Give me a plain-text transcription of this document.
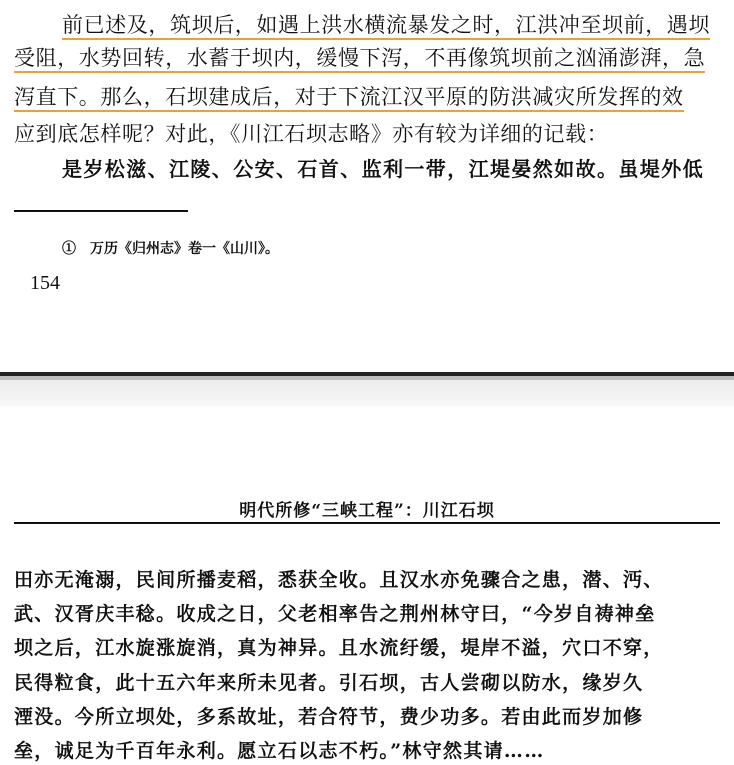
前已述及，筑坝后，如遇上洪水横流暴发之时，江洪冲至坝前，遇坝
受阻，水势回转，水蓄于坝内，缓慢下泻，不再像筑坝前之汹涌澎湃，急
泻直下。那么，石坝建成后，对于下流江汉平原的防洪减灾所发挥的效
应到底怎样呢？对此，《川江石坝志略》亦有较为详细的记载：
是岁松滋、江陵、公安、石首、监利一带，江堤晏然如故。虽堤外低
①　万历《归州志》卷一《山川》。
154
明代所修“三峡工程”：川江石坝
田亦无淹溺，民间所播麦稻，悉获全收。且汉水亦免骤合之患，潜、沔、
武、汉胥庆丰稔。收成之日，父老相率告之荆州林守曰，“今岁自祷神垒
坝之后，江水旋涨旋消，真为神异。且水流纡缓，堤岸不溢，穴口不穿，
民得粒食，此十五六年来所未见者。引石坝，古人尝砌以防水，缘岁久
湮没。今所立坝处，多系故址，若合符节，费少功多。若由此而岁加修
垒，诚足为千百年永利。愿立石以志不朽。”林守然其请……
